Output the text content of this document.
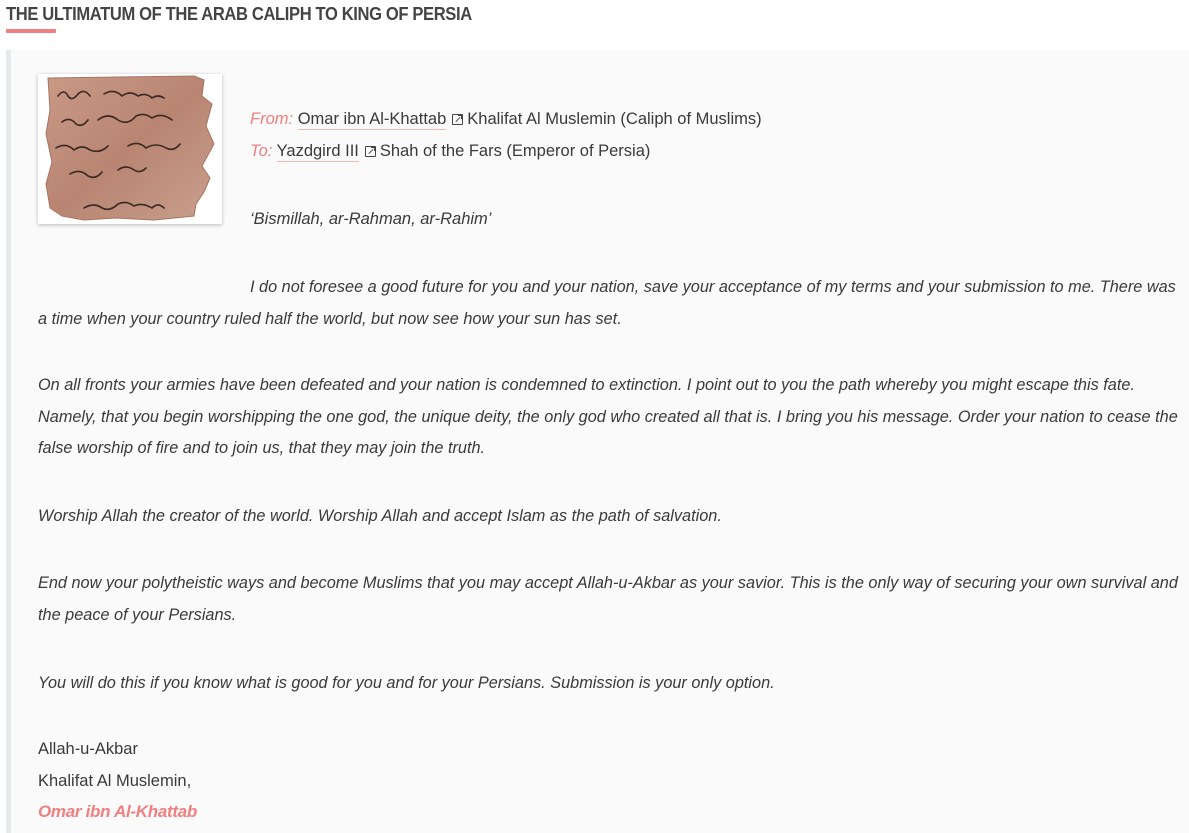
THE ULTIMATUM OF THE ARAB CALIPH TO KING OF PERSIA
From: Omar ibn Al-Khattab Khalifat Al Muslemin (Caliph of Muslims)
To: Yazdgird III Shah of the Fars (Emperor of Persia)
‘Bismillah, ar-Rahman, ar-Rahim’

I do not foresee a good future for you and your nation, save your acceptance of my terms and your submission to me. There was a time when your country ruled half the world, but now see how your sun has set.

On all fronts your armies have been defeated and your nation is condemned to extinction. I point out to you the path whereby you might escape this fate. Namely, that you begin worshipping the one god, the unique deity, the only god who created all that is. I bring you his message. Order your nation to cease the false worship of fire and to join us, that they may join the truth.

Worship Allah the creator of the world. Worship Allah and accept Islam as the path of salvation.

End now your polytheistic ways and become Muslims that you may accept Allah-u-Akbar as your savior. This is the only way of securing your own survival and the peace of your Persians.

You will do this if you know what is good for you and for your Persians. Submission is your only option.

Allah-u-Akbar
Khalifat Al Muslemin,
Omar ibn Al-Khattab
